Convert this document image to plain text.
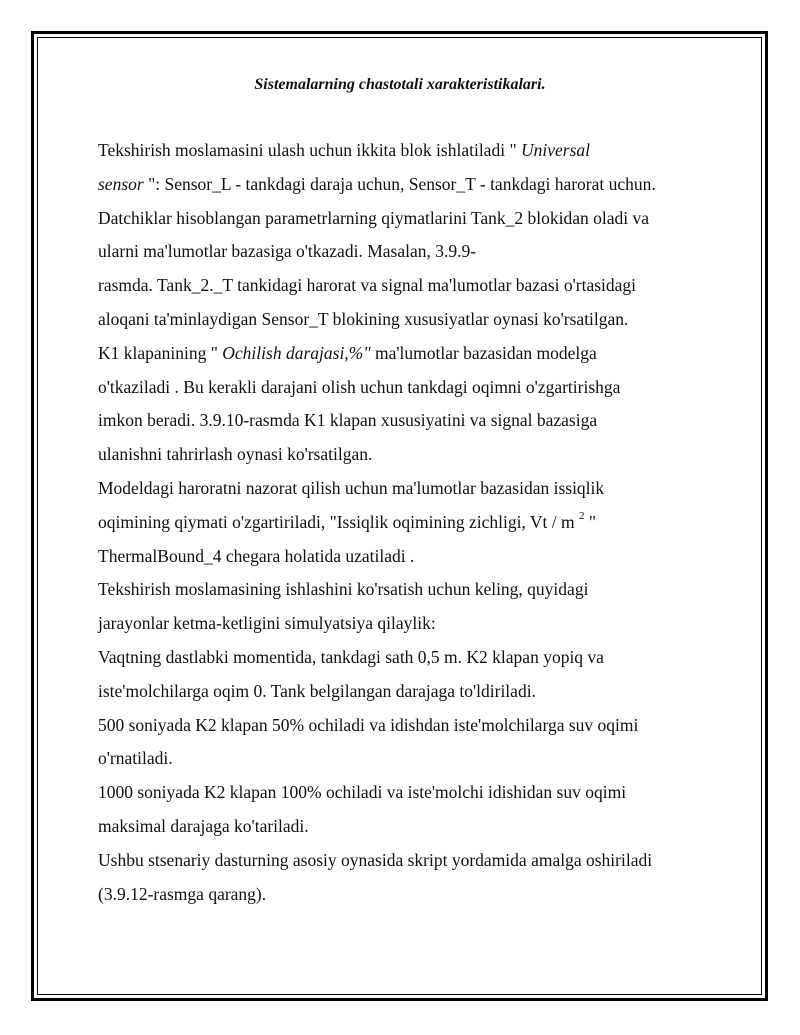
Sistemalarning chastotali xarakteristikalari.
Tekshirish moslamasini ulash uchun ikkita blok ishlatiladi " Universal
sensor ": Sensor_L - tankdagi daraja uchun, Sensor_T - tankdagi harorat uchun.
Datchiklar hisoblangan parametrlarning qiymatlarini Tank_2 blokidan oladi va
ularni ma'lumotlar bazasiga o'tkazadi. Masalan, 3.9.9-
rasmda. Tank_2._T tankidagi harorat va signal ma'lumotlar bazasi o'rtasidagi
aloqani ta'minlaydigan Sensor_T blokining xususiyatlar oynasi ko'rsatilgan.
K1 klapanining " Ochilish darajasi,%" ma'lumotlar bazasidan modelga
o'tkaziladi . Bu kerakli darajani olish uchun tankdagi oqimni o'zgartirishga
imkon beradi. 3.9.10-rasmda K1 klapan xususiyatini va signal bazasiga
ulanishni tahrirlash oynasi ko'rsatilgan.
Modeldagi haroratni nazorat qilish uchun ma'lumotlar bazasidan issiqlik
oqimining qiymati o'zgartiriladi, "Issiqlik oqimining zichligi, Vt / m $^2$ "
ThermalBound_4 chegara holatida uzatiladi .
Tekshirish moslamasining ishlashini ko'rsatish uchun keling, quyidagi
jarayonlar ketma-ketligini simulyatsiya qilaylik:
Vaqtning dastlabki momentida, tankdagi sath 0,5 m. K2 klapan yopiq va
iste'molchilarga oqim 0. Tank belgilangan darajaga to'ldiriladi.
500 soniyada K2 klapan 50% ochiladi va idishdan iste'molchilarga suv oqimi
o'rnatiladi.
1000 soniyada K2 klapan 100% ochiladi va iste'molchi idishidan suv oqimi
maksimal darajaga ko'tariladi.
Ushbu stsenariy dasturning asosiy oynasida skript yordamida amalga oshiriladi
(3.9.12-rasmga qarang).
